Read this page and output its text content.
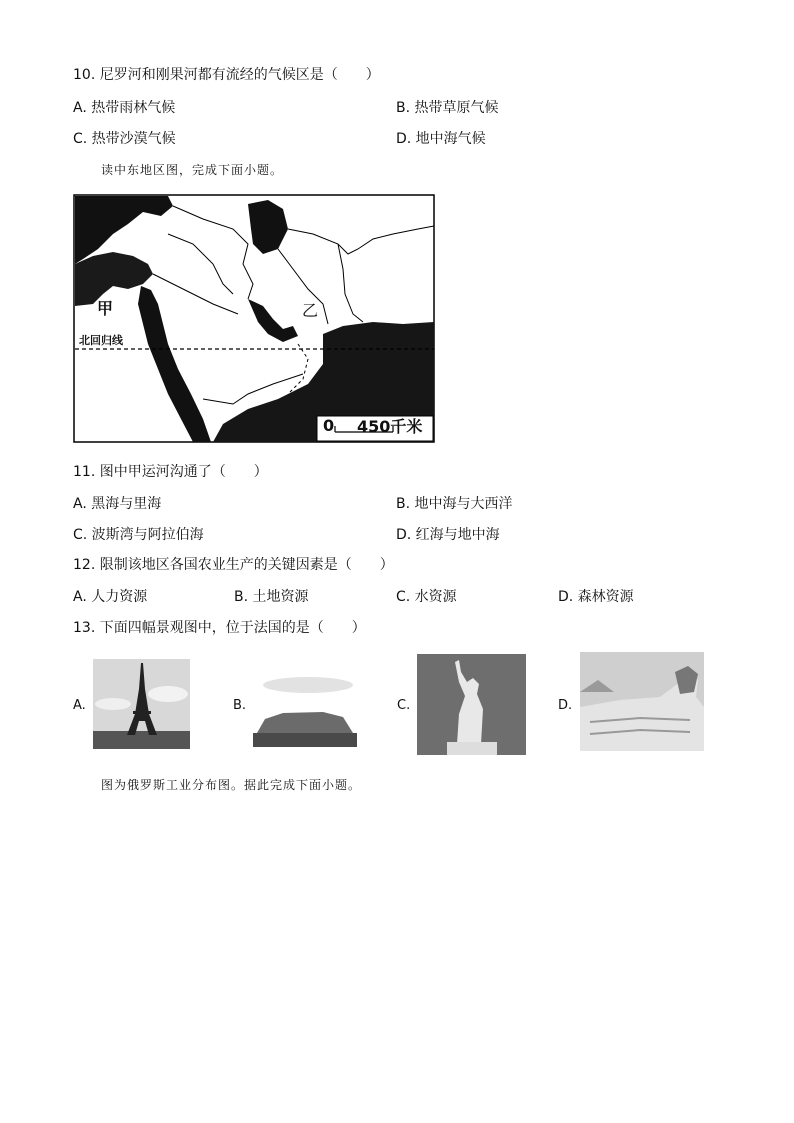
10. 尼罗河和刚果河都有流经的气候区是（　　）
A. 热带雨林气候	B. 热带草原气候
C. 热带沙漠气候	D. 地中海气候
读中东地区图，完成下面小题。
甲	乙
北回归线
0 450千米
11. 图中甲运河沟通了（　　）
A. 黑海与里海	B. 地中海与大西洋
C. 波斯湾与阿拉伯海	D. 红海与地中海
12. 限制该地区各国农业生产的关键因素是（　　）
A. 人力资源	B. 土地资源	C. 水资源	D. 森林资源
13. 下面四幅景观图中，位于法国的是（　　）
A.	B.	C.	D.
图为俄罗斯工业分布图。据此完成下面小题。
